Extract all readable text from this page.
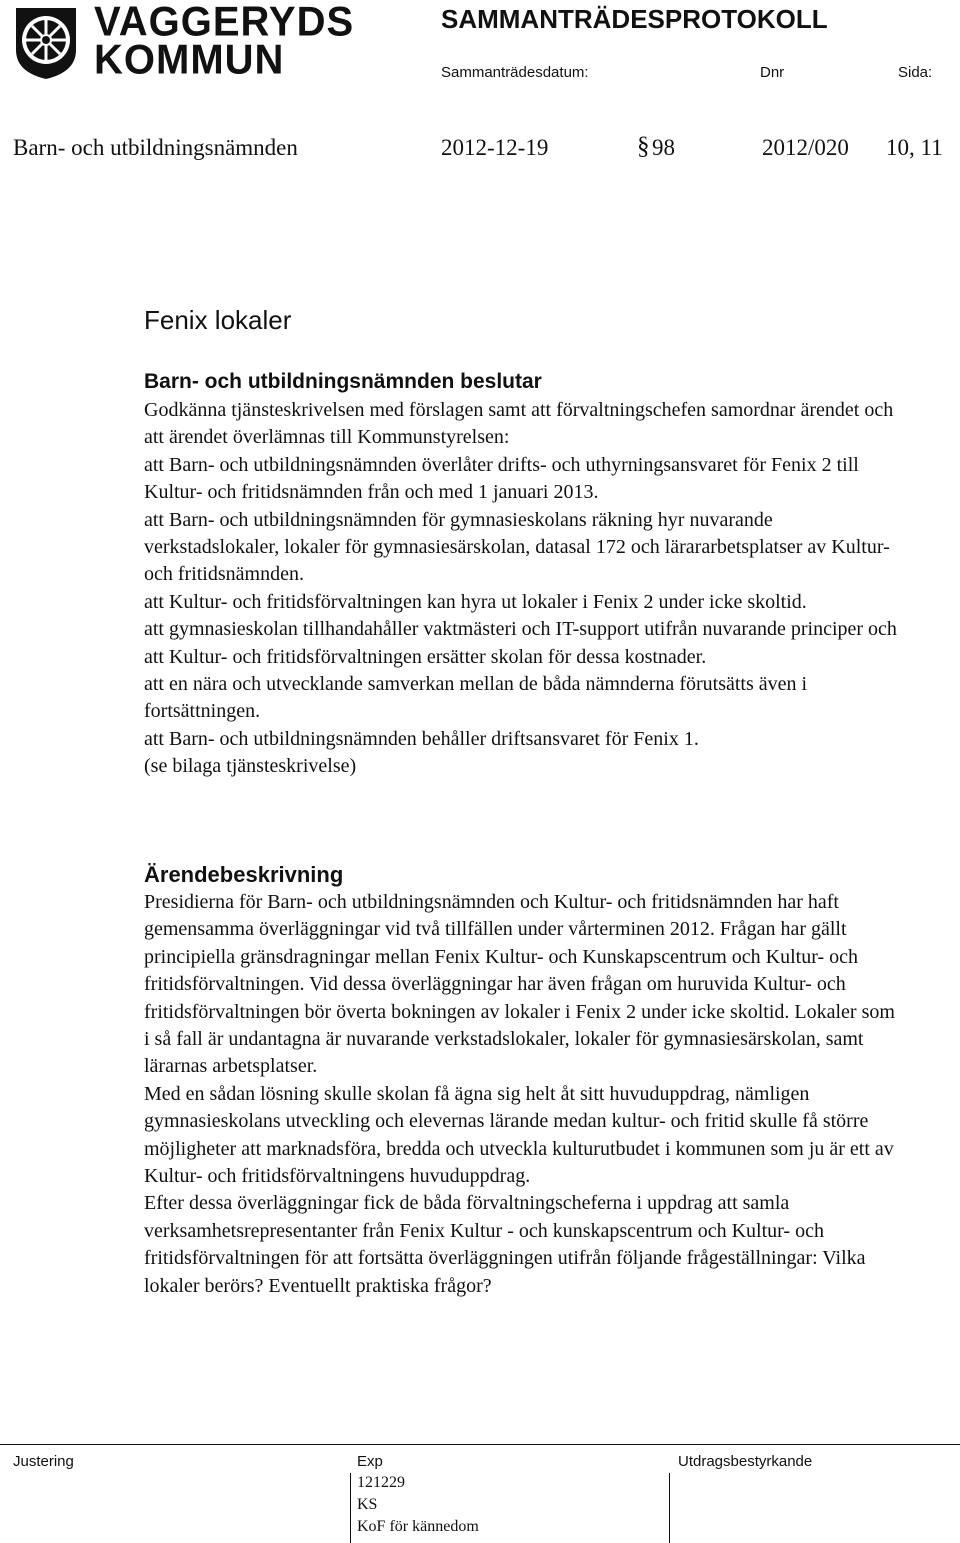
VAGGERYDS
KOMMUN
SAMMANTRÄDESPROTOKOLL
Sammanträdesdatum:	Dnr	Sida:
Barn- och utbildningsnämnden	2012-12-19	§ 98	2012/020 10, 11
Fenix lokaler
Barn- och utbildningsnämnden beslutar

Godkänna tjänsteskrivelsen med förslagen samt att förvaltningschefen samordnar ärendet och att ärendet överlämnas till Kommunstyrelsen:

att Barn- och utbildningsnämnden överlåter drifts- och uthyrningsansvaret för Fenix 2 till Kultur- och fritidsnämnden från och med 1 januari 2013.

att Barn- och utbildningsnämnden för gymnasieskolans räkning hyr nuvarande verkstadslokaler, lokaler för gymnasiesärskolan, datasal 172 och lärararbetsplatser av Kultur- och fritidsnämnden.

att Kultur- och fritidsförvaltningen kan hyra ut lokaler i Fenix 2 under icke skoltid.

att gymnasieskolan tillhandahåller vaktmästeri och IT-support utifrån nuvarande principer och att Kultur- och fritidsförvaltningen ersätter skolan för dessa kostnader.

att en nära och utvecklande samverkan mellan de båda nämnderna förutsätts även i fortsättningen.

att Barn- och utbildningsnämnden behåller driftsansvaret för Fenix 1.

(se bilaga tjänsteskrivelse)

Ärendebeskrivning

Presidierna för Barn- och utbildningsnämnden och Kultur- och fritidsnämnden har haft gemensamma överläggningar vid två tillfällen under vårterminen 2012. Frågan har gällt principiella gränsdragningar mellan Fenix Kultur- och Kunskapscentrum och Kultur- och fritidsförvaltningen. Vid dessa överläggningar har även frågan om huruvida Kultur- och fritidsförvaltningen bör överta bokningen av lokaler i Fenix 2 under icke skoltid. Lokaler som i så fall är undantagna är nuvarande verkstadslokaler, lokaler för gymnasiesärskolan, samt lärarnas arbetsplatser.

Med en sådan lösning skulle skolan få ägna sig helt åt sitt huvuduppdrag, nämligen gymnasieskolans utveckling och elevernas lärande medan kultur- och fritid skulle få större möjligheter att marknadsföra, bredda och utveckla kulturutbudet i kommunen som ju är ett av Kultur- och fritidsförvaltningens huvuduppdrag.

Efter dessa överläggningar fick de båda förvaltningscheferna i uppdrag att samla verksamhetsrepresentanter från Fenix Kultur - och kunskapscentrum och Kultur- och fritidsförvaltningen för att fortsätta överläggningen utifrån följande frågeställningar: Vilka lokaler berörs? Eventuellt praktiska frågor?

Justering	Exp	Utdragsbestyrkande
121229
KS
KoF för kännedom
